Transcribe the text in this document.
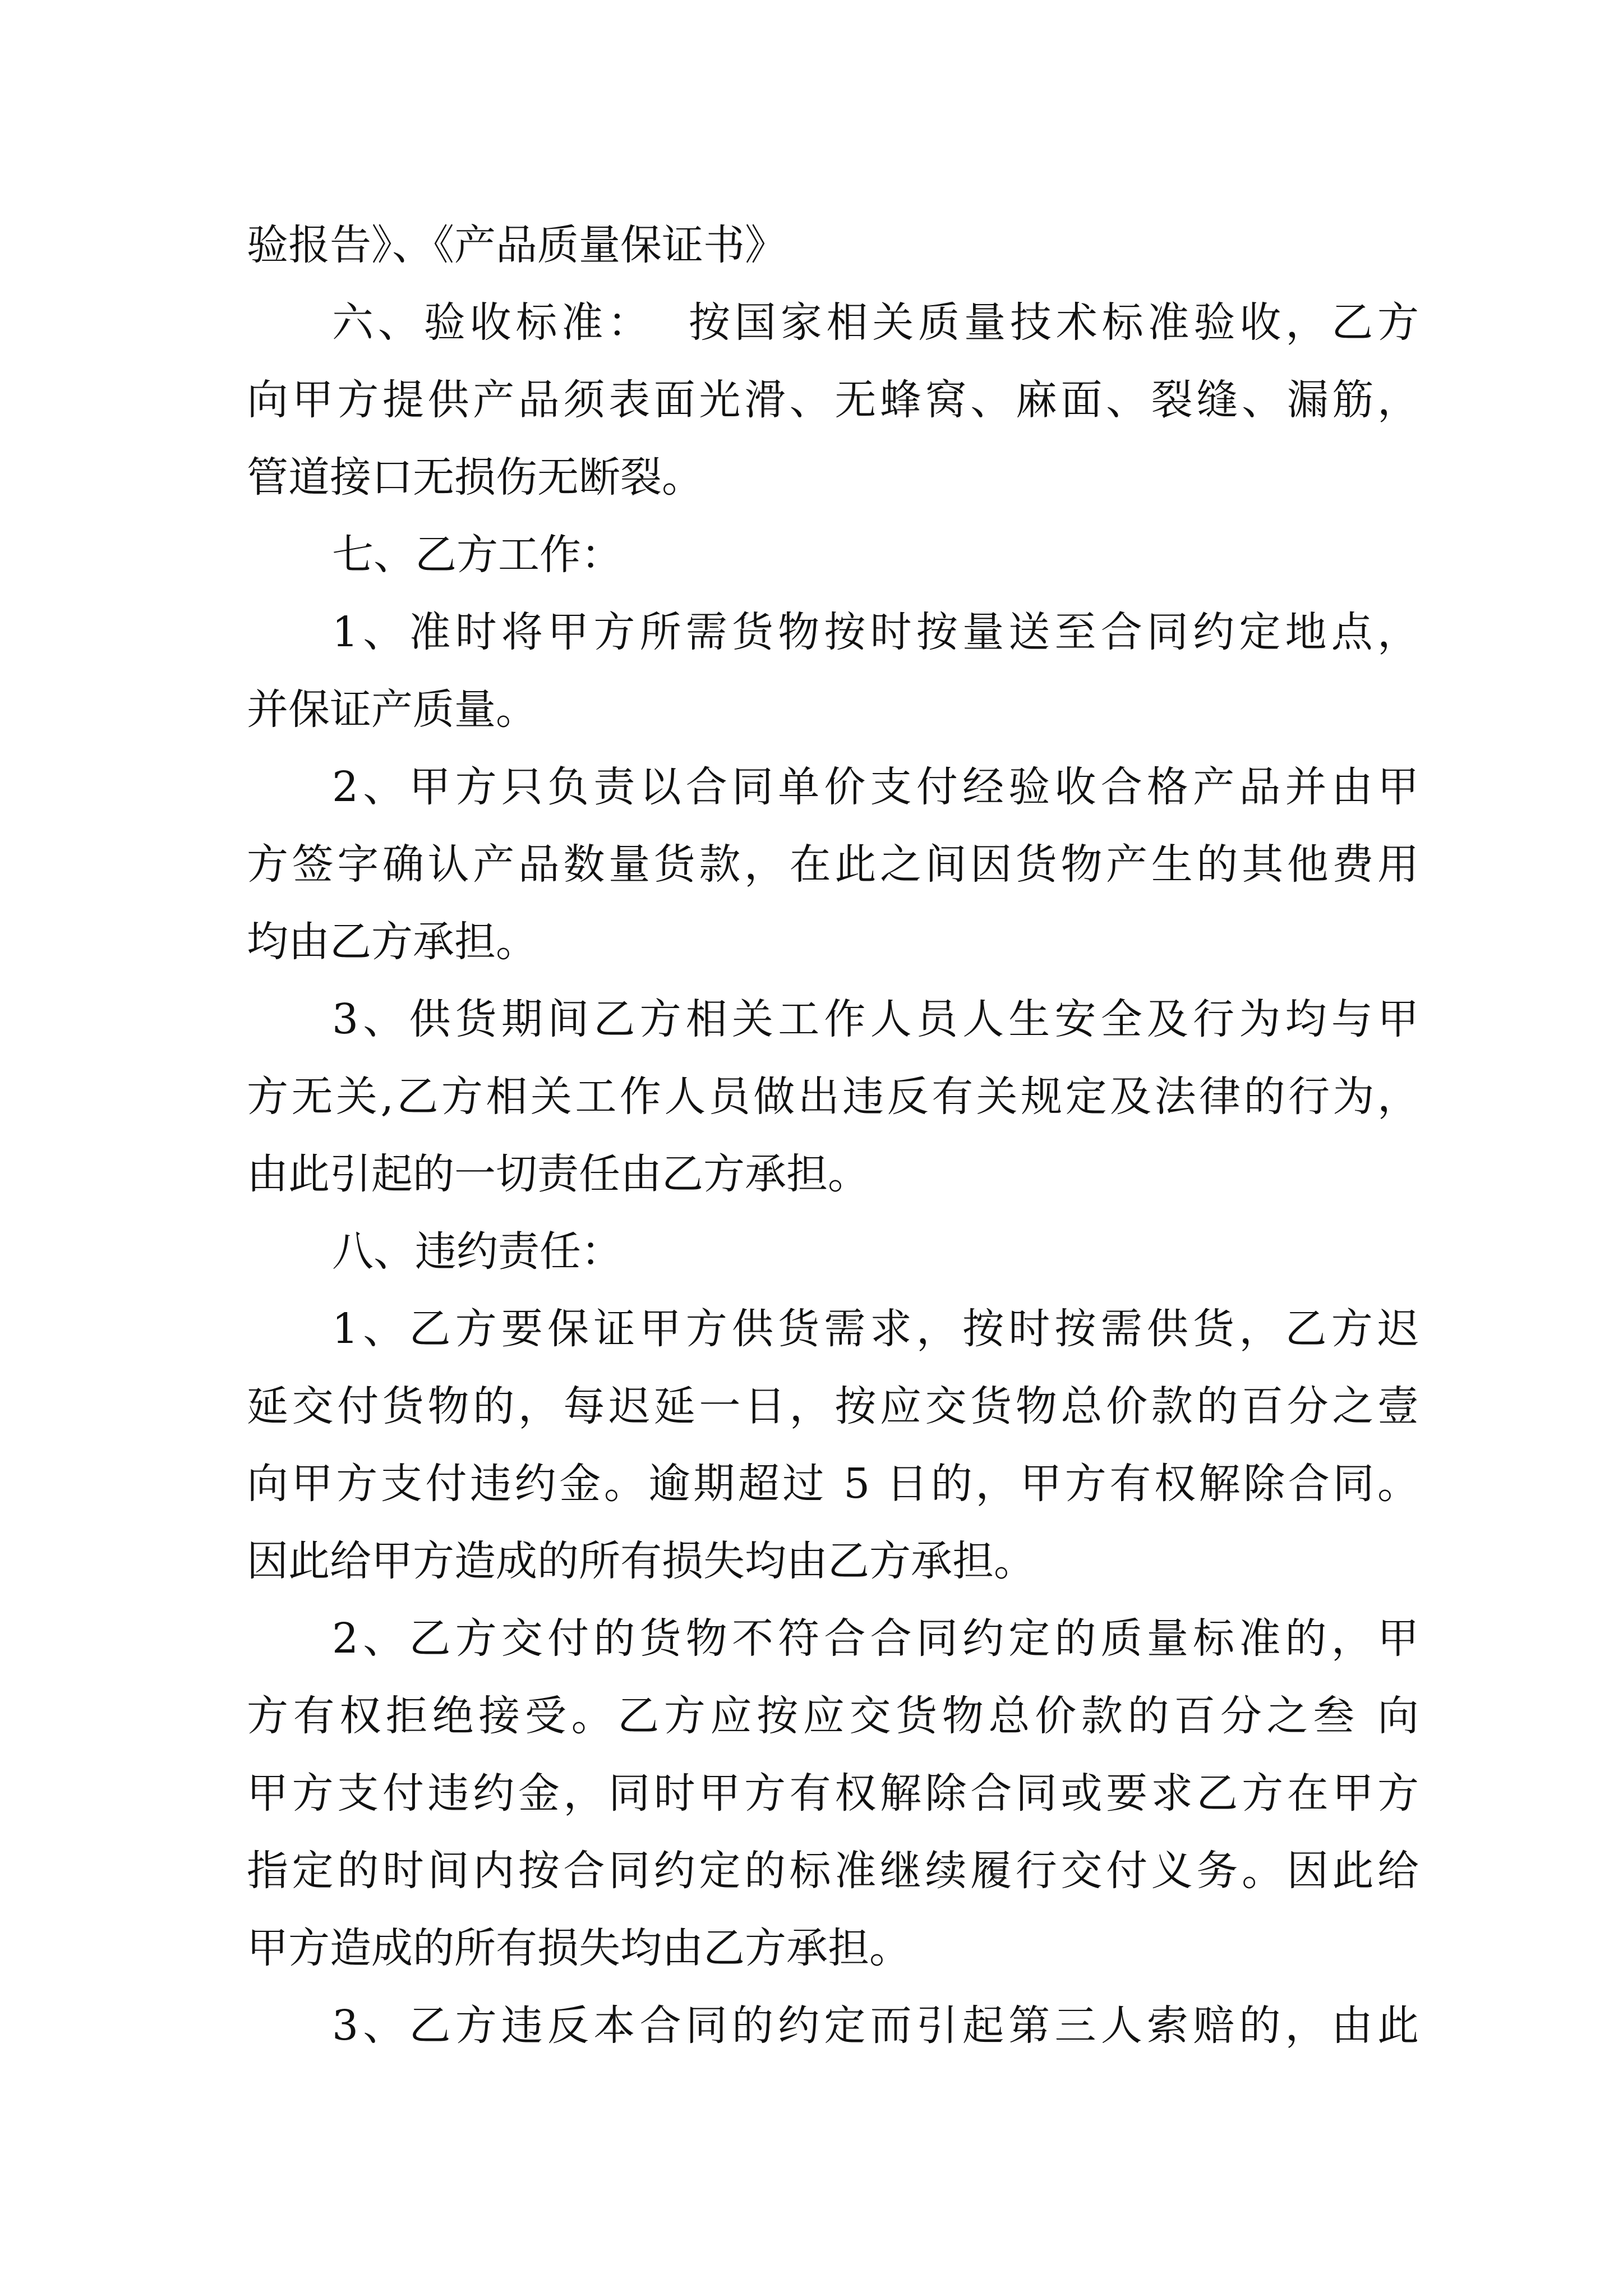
验报告》、《产品质量保证书》
六、验收标准：  按国家相关质量技术标准验收，乙方
向甲方提供产品须表面光滑、无蜂窝、麻面、裂缝、漏筋，
管道接口无损伤无断裂。
七、乙方工作：
1、准时将甲方所需货物按时按量送至合同约定地点，
并保证产质量。
2、甲方只负责以合同单价支付经验收合格产品并由甲
方签字确认产品数量货款，在此之间因货物产生的其他费用
均由乙方承担。
3、供货期间乙方相关工作人员人生安全及行为均与甲
方无关,乙方相关工作人员做出违反有关规定及法律的行为，
由此引起的一切责任由乙方承担。
八、违约责任：
1、乙方要保证甲方供货需求，按时按需供货，乙方迟
延交付货物的，每迟延一日，按应交货物总价款的百分之壹
向甲方支付违约金。逾期超过 5 日的，甲方有权解除合同。
因此给甲方造成的所有损失均由乙方承担。
2、乙方交付的货物不符合合同约定的质量标准的，甲
方有权拒绝接受。乙方应按应交货物总价款的百分之叁 向
甲方支付违约金，同时甲方有权解除合同或要求乙方在甲方
指定的时间内按合同约定的标准继续履行交付义务。因此给
甲方造成的所有损失均由乙方承担。
3、乙方违反本合同的约定而引起第三人索赔的，由此
